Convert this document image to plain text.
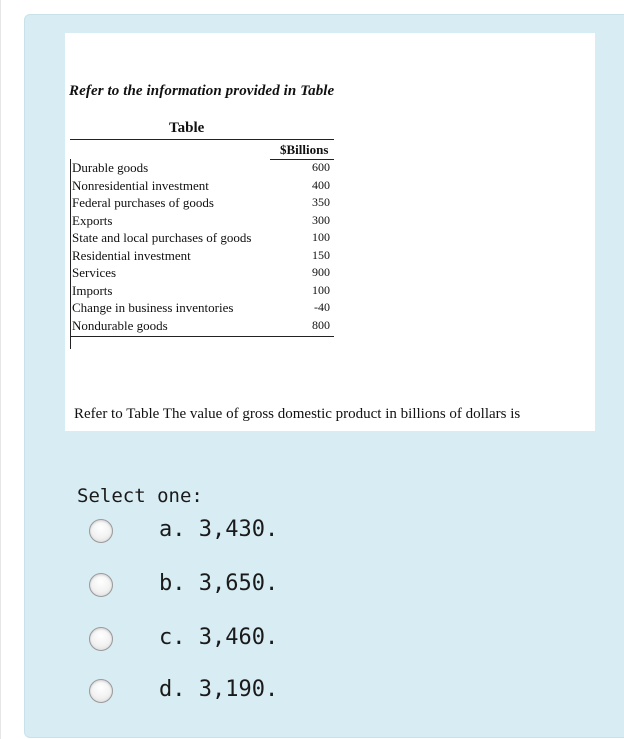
Refer to the information provided in Table
Table
$Billions
Durable goods	600
Nonresidential investment	400
Federal purchases of goods	350
Exports	300
State and local purchases of goods	100
Residential investment	150
Services	900
Imports	100
Change in business inventories	-40
Nondurable goods	800
Refer to Table The value of gross domestic product in billions of dollars is
Select one:
a. 3,430.
b. 3,650.
c. 3,460.
d. 3,190.
